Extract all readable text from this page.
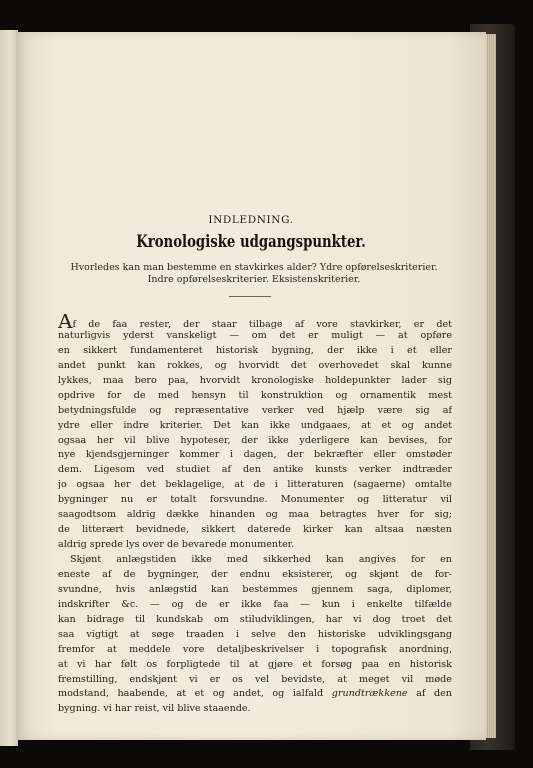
INDLEDNING.
Kronologiske udgangspunkter.
Hvorledes kan man bestemme en stavkirkes alder? Ydre opførelseskriterier.
Indre opførelseskriterier. Eksistenskriterier.
Af de faa rester, der staar tilbage af vore stavkirker, er det
naturligvis yderst vanskeligt — om det er muligt — at opføre
en sikkert fundamenteret historisk bygning, der ikke i et eller
andet punkt kan rokkes, og hvorvidt det overhovedet skal kunne
lykkes, maa bero paa, hvorvidt kronologiske holdepunkter lader sig
opdrive for de med hensyn til konstruktion og ornamentik mest
betydningsfulde og repræsentative verker ved hjælp være sig af
ydre eller indre kriterier. Det kan ikke undgaaes, at et og andet
ogsaa her vil blive hypoteser, der ikke yderligere kan bevises, for
nye kjendsgjerninger kommer i dagen, der bekræfter eller omstøder
dem. Ligesom ved studiet af den antike kunsts verker indtræder
jo ogsaa her det beklagelige, at de i litteraturen (sagaerne) omtalte
bygninger nu er totalt forsvundne. Monumenter og litteratur vil
saagodtsom aldrig dække hinanden og maa betragtes hver for sig;
de litterært bevidnede, sikkert daterede kirker kan altsaa næsten
aldrig sprede lys over de bevarede monumenter.
Skjønt anlægstiden ikke med sikkerhed kan angives for en
eneste af de bygninger, der endnu eksisterer, og skjønt de for-
svundne, hvis anlægstid kan bestemmes gjennem saga, diplomer,
indskrifter &c. — og de er ikke faa — kun i enkelte tilfælde
kan bidrage til kundskab om stiludviklingen, har vi dog troet det
saa vigtigt at søge traaden i selve den historiske udviklingsgang
fremfor at meddele vore detaljbeskrivelser i topografisk anordning,
at vi har følt os forpligtede til at gjøre et forsøg paa en historisk
fremstilling, endskjønt vi er os vel bevidste, at meget vil møde
modstand, haabende, at et og andet, og ialfald grundtrækkene af den
bygning. vi har reist, vil blive staaende.
